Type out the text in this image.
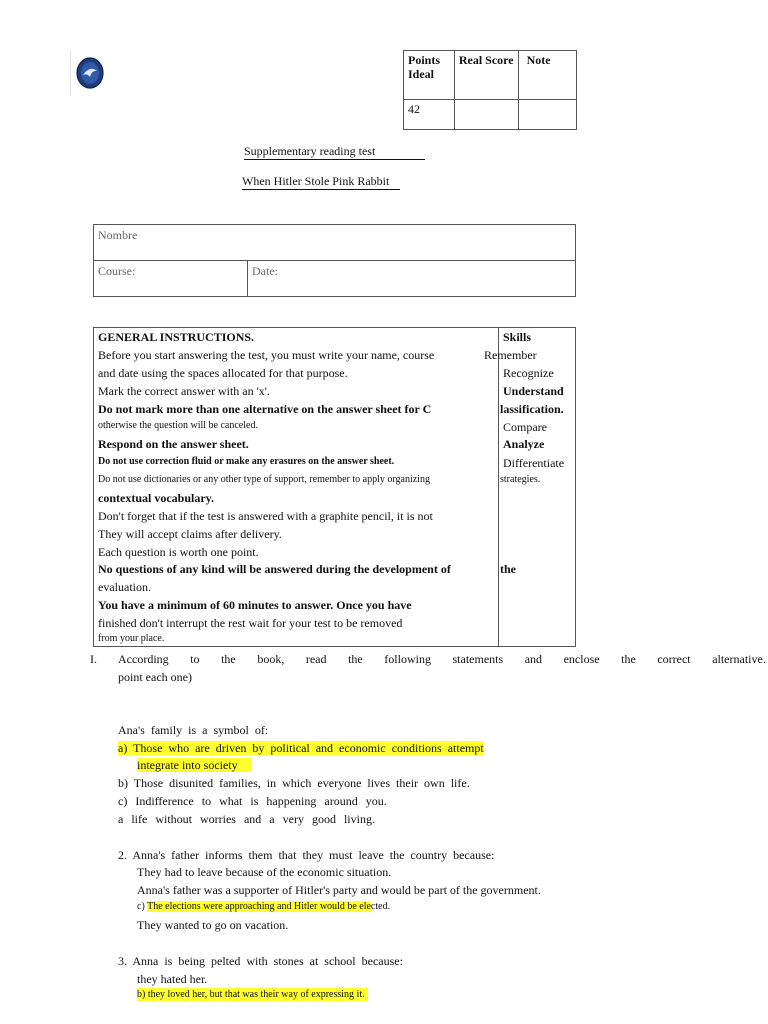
Points Ideal	Real Score	Note
42		
Supplementary reading test
When Hitler Stole Pink Rabbit
Nombre
Course:	Date:
GENERAL INSTRUCTIONS.
Before you start answering the test, you must write your name, course
and date using the spaces allocated for that purpose.
Mark the correct answer with an 'x'.
Do not mark more than one alternative on the answer sheet for C
otherwise the question will be canceled.
Respond on the answer sheet.
Do not use correction fluid or make any erasures on the answer sheet.
Do not use dictionaries or any other type of support, remember to apply organizing
contextual vocabulary.
Don't forget that if the test is answered with a graphite pencil, it is not
They will accept claims after delivery.
Each question is worth one point.
No questions of any kind will be answered during the development of
evaluation.
You have a minimum of 60 minutes to answer. Once you have
finished don't interrupt the rest wait for your test to be removed
from your place.
Skills
Remember
Recognize
Understand
lassification.
Compare
Analyze
strategies.
Differentiate
the
I. According to the book, read the following statements and enclose the correct alternative.
point each one)
Ana's family is a symbol of:
a) Those who are driven by political and economic conditions attempt
integrate into society
b) Those disunited families, in which everyone lives their own life.
c) Indifference to what is happening around you.
a life without worries and a very good living.
2. Anna's father informs them that they must leave the country because:
They had to leave because of the economic situation.
Anna's father was a supporter of Hitler's party and would be part of the government.
c) The elections were approaching and Hitler would be elected.
They wanted to go on vacation.
3. Anna is being pelted with stones at school because:
they hated her.
b) they loved her, but that was their way of expressing it.
